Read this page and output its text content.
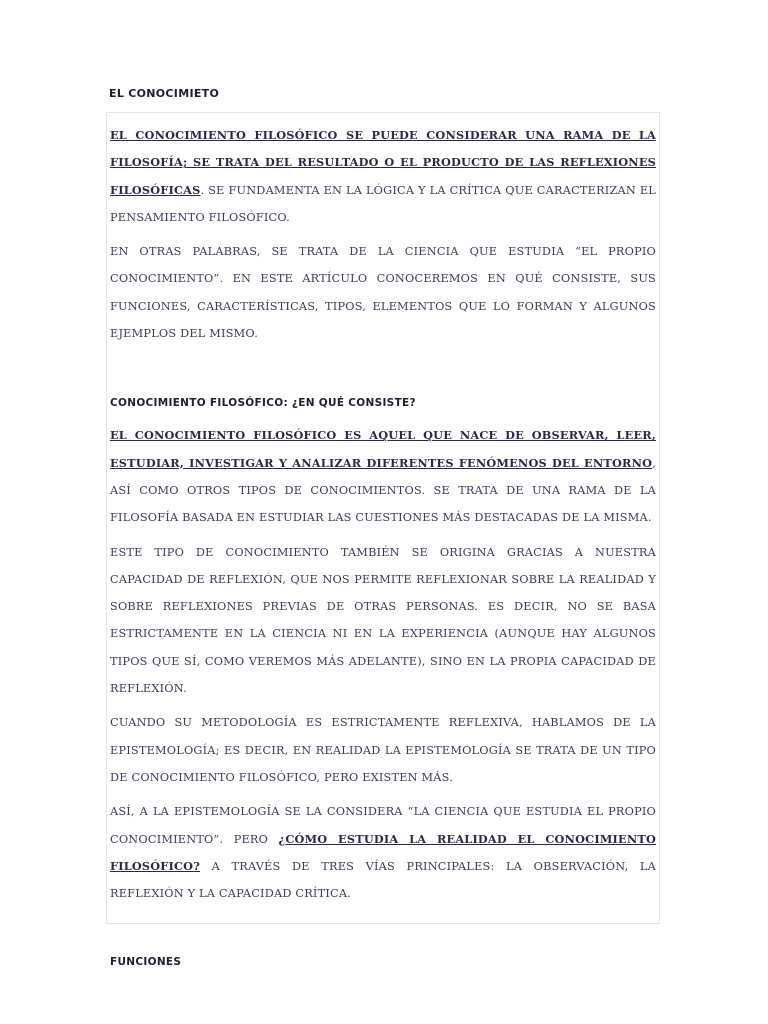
EL CONOCIMIETO

EL CONOCIMIENTO FILOSÓFICO SE PUEDE CONSIDERAR UNA RAMA DE LA FILOSOFÍA; SE TRATA DEL RESULTADO O EL PRODUCTO DE LAS REFLEXIONES FILOSÓFICAS. SE FUNDAMENTA EN LA LÓGICA Y LA CRÍTICA QUE CARACTERIZAN EL PENSAMIENTO FILOSÓFICO.

EN OTRAS PALABRAS, SE TRATA DE LA CIENCIA QUE ESTUDIA “EL PROPIO CONOCIMIENTO”. EN ESTE ARTÍCULO CONOCEREMOS EN QUÉ CONSISTE, SUS FUNCIONES, CARACTERÍSTICAS, TIPOS, ELEMENTOS QUE LO FORMAN Y ALGUNOS EJEMPLOS DEL MISMO.

CONOCIMIENTO FILOSÓFICO: ¿EN QUÉ CONSISTE?

EL CONOCIMIENTO FILOSÓFICO ES AQUEL QUE NACE DE OBSERVAR, LEER, ESTUDIAR, INVESTIGAR Y ANALIZAR DIFERENTES FENÓMENOS DEL ENTORNO, ASÍ COMO OTROS TIPOS DE CONOCIMIENTOS. SE TRATA DE UNA RAMA DE LA FILOSOFÍA BASADA EN ESTUDIAR LAS CUESTIONES MÁS DESTACADAS DE LA MISMA.

ESTE TIPO DE CONOCIMIENTO TAMBIÉN SE ORIGINA GRACIAS A NUESTRA CAPACIDAD DE REFLEXIÓN, QUE NOS PERMITE REFLEXIONAR SOBRE LA REALIDAD Y SOBRE REFLEXIONES PREVIAS DE OTRAS PERSONAS. ES DECIR, NO SE BASA ESTRICTAMENTE EN LA CIENCIA NI EN LA EXPERIENCIA (AUNQUE HAY ALGUNOS TIPOS QUE SÍ, COMO VEREMOS MÁS ADELANTE), SINO EN LA PROPIA CAPACIDAD DE REFLEXIÓN.

CUANDO SU METODOLOGÍA ES ESTRICTAMENTE REFLEXIVA, HABLAMOS DE LA EPISTEMOLOGÍA; ES DECIR, EN REALIDAD LA EPISTEMOLOGÍA SE TRATA DE UN TIPO DE CONOCIMIENTO FILOSÓFICO, PERO EXISTEN MÁS.

ASÍ, A LA EPISTEMOLOGÍA SE LA CONSIDERA “LA CIENCIA QUE ESTUDIA EL PROPIO CONOCIMIENTO”. PERO ¿CÓMO ESTUDIA LA REALIDAD EL CONOCIMIENTO FILOSÓFICO? A TRAVÉS DE TRES VÍAS PRINCIPALES: LA OBSERVACIÓN, LA REFLEXIÓN Y LA CAPACIDAD CRÍTICA.

FUNCIONES
